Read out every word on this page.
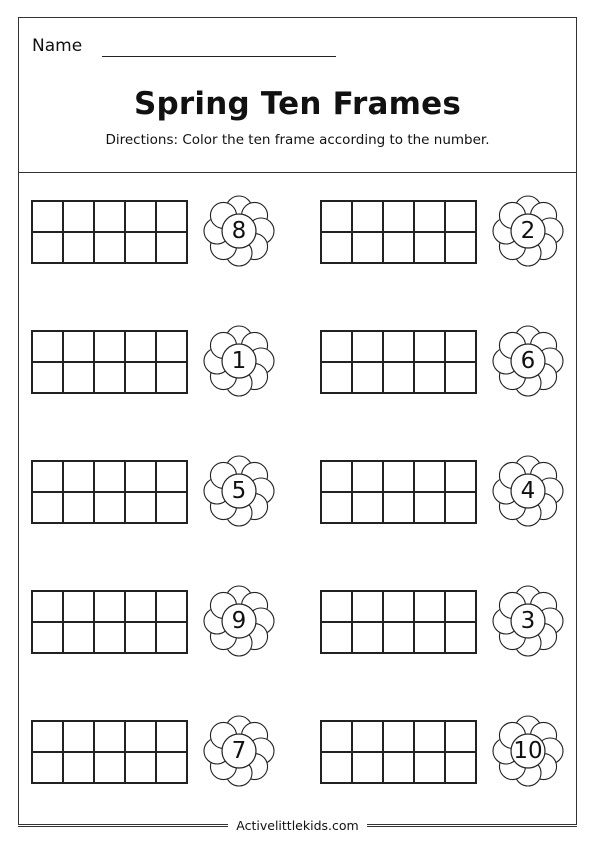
Name
Spring Ten Frames
Directions: Color the ten frame according to the number.
8	2
1	6
5	4
9	3
7	10
Activelittlekids.com
